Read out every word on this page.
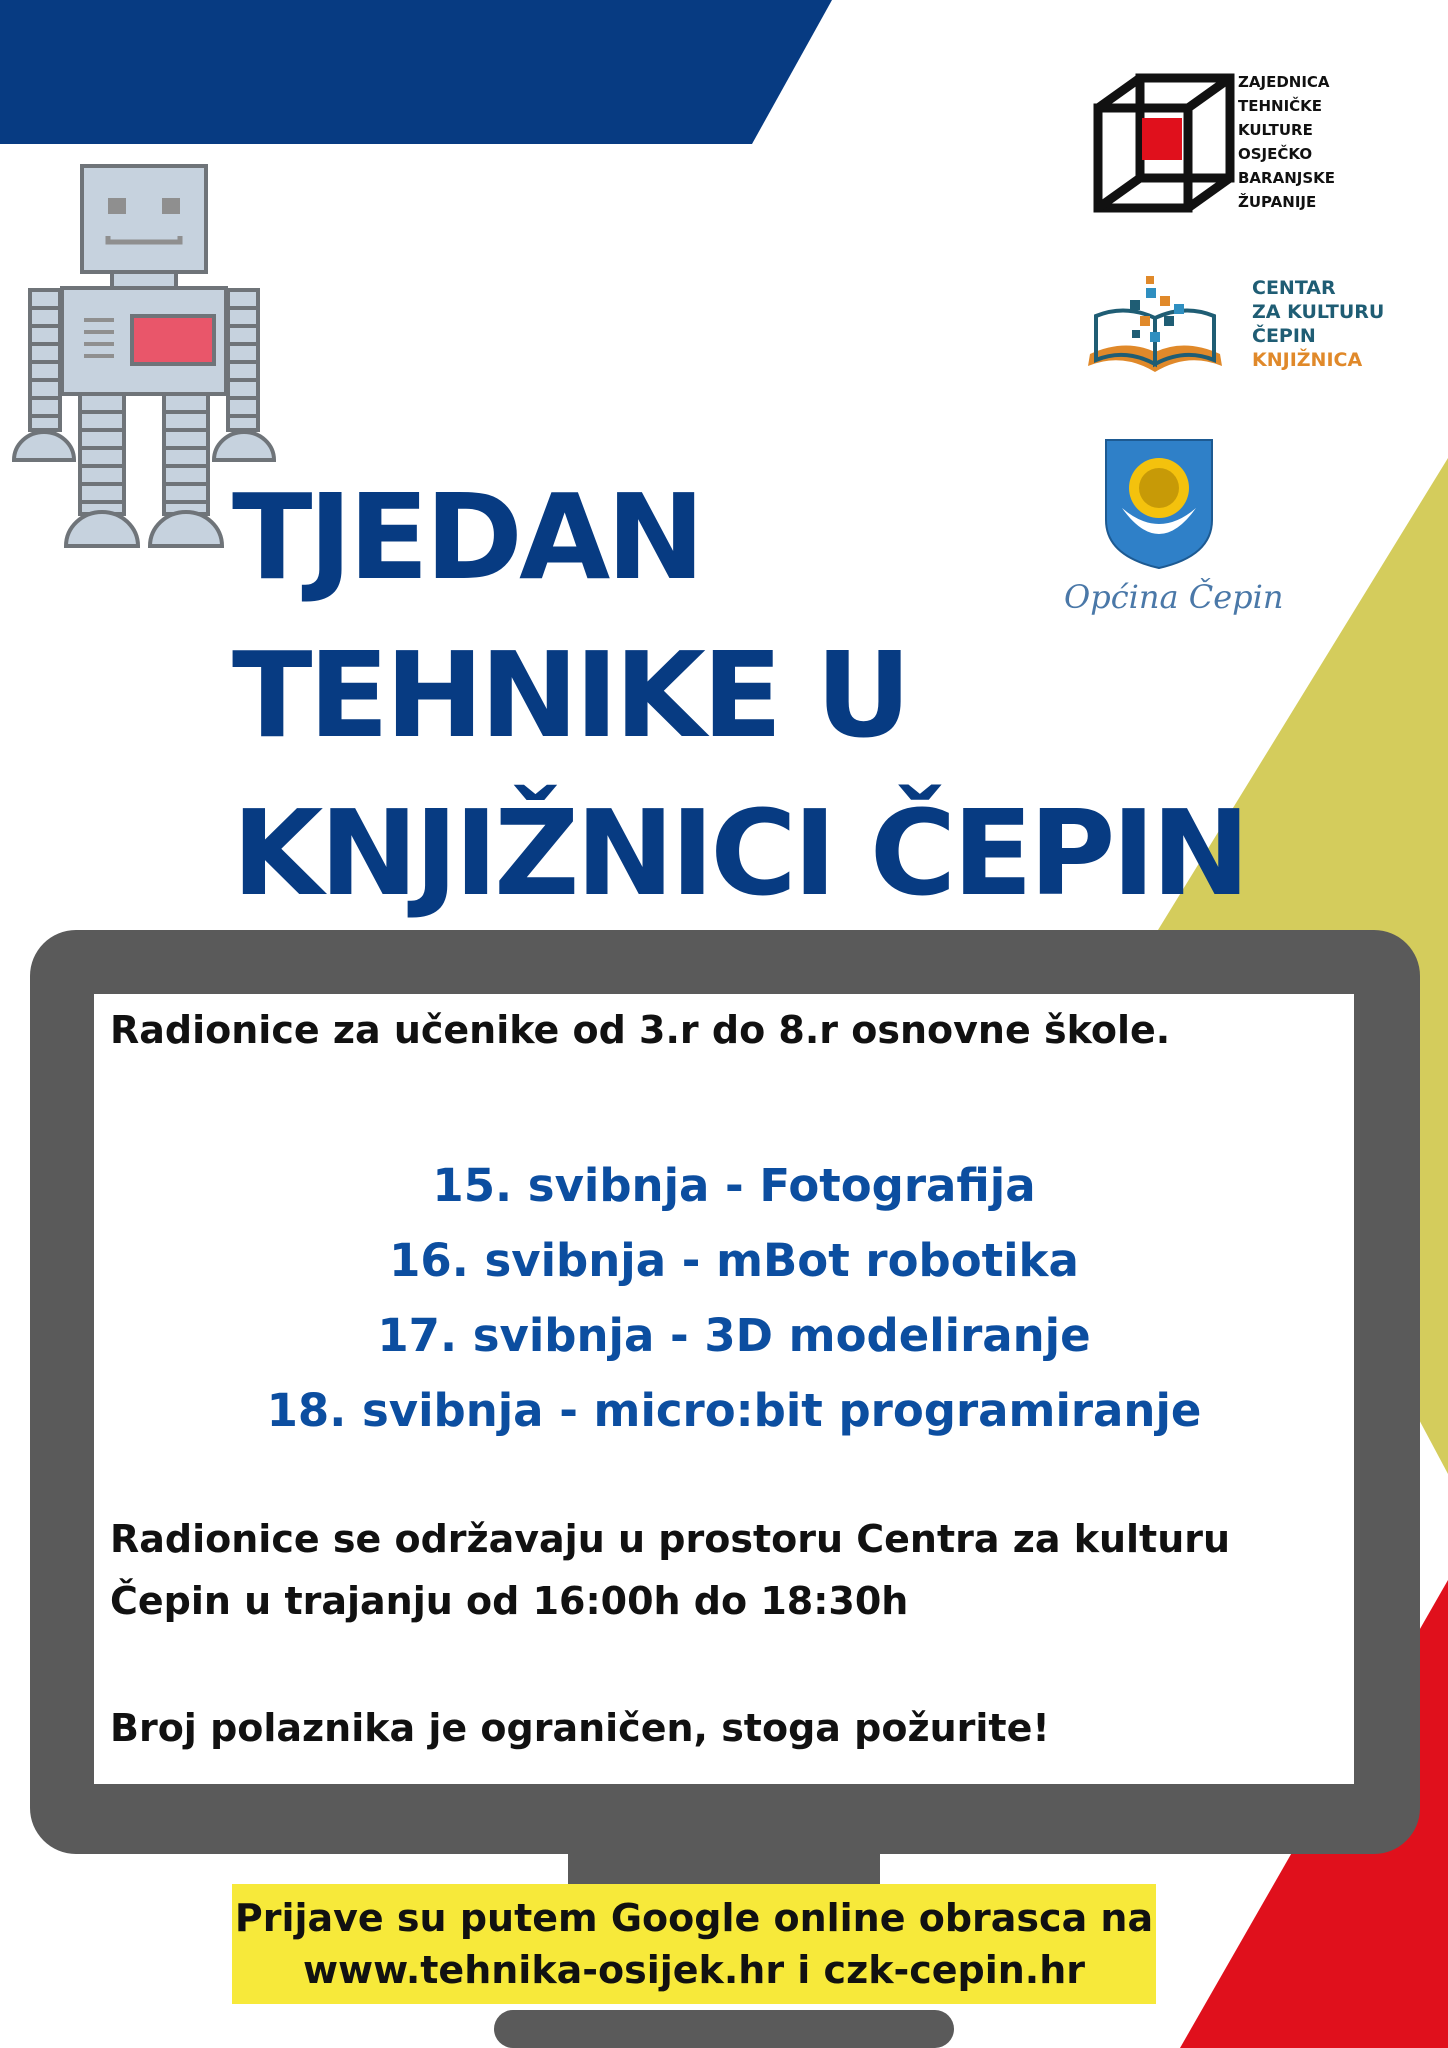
ZAJEDNICA
TEHNIČKE
KULTURE
OSJEČKO
BARANJSKE
ŽUPANIJE
CENTAR
ZA KULTURU
ČEPIN
KNJIŽNICA
Općina Čepin
TJEDAN
TEHNIKE U
KNJIŽNICI ČEPIN
Radionice za učenike od 3.r do 8.r osnovne škole.
15. svibnja - Fotografija
16. svibnja - mBot robotika
17. svibnja - 3D modeliranje
18. svibnja - micro:bit programiranje
Radionice se održavaju u prostoru Centra za kulturu Čepin u trajanju od 16:00h do 18:30h
Broj polaznika je ograničen, stoga požurite!
Prijave su putem Google online obrasca na
www.tehnika-osijek.hr i czk-cepin.hr
